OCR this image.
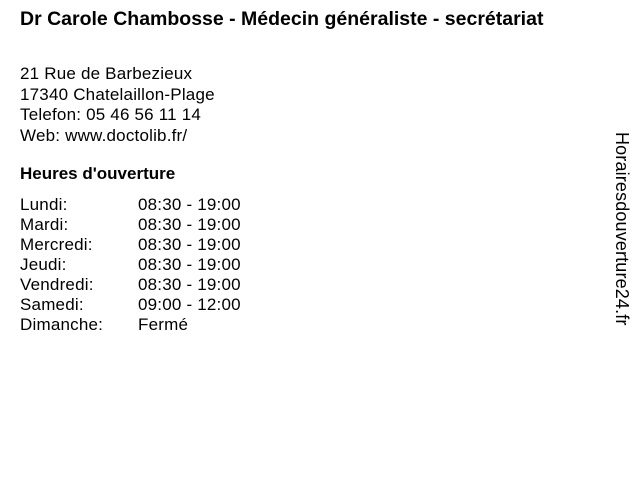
Dr Carole Chambosse - Médecin généraliste - secrétariat
21 Rue de Barbezieux
17340 Chatelaillon-Plage
Telefon: 05 46 56 11 14
Web: www.doctolib.fr/
Heures d'ouverture
Lundi:	08:30 - 19:00
Mardi:	08:30 - 19:00
Mercredi:	08:30 - 19:00
Jeudi:	08:30 - 19:00
Vendredi:	08:30 - 19:00
Samedi:	09:00 - 12:00
Dimanche:	Fermé	Horairesdouverture24.fr
